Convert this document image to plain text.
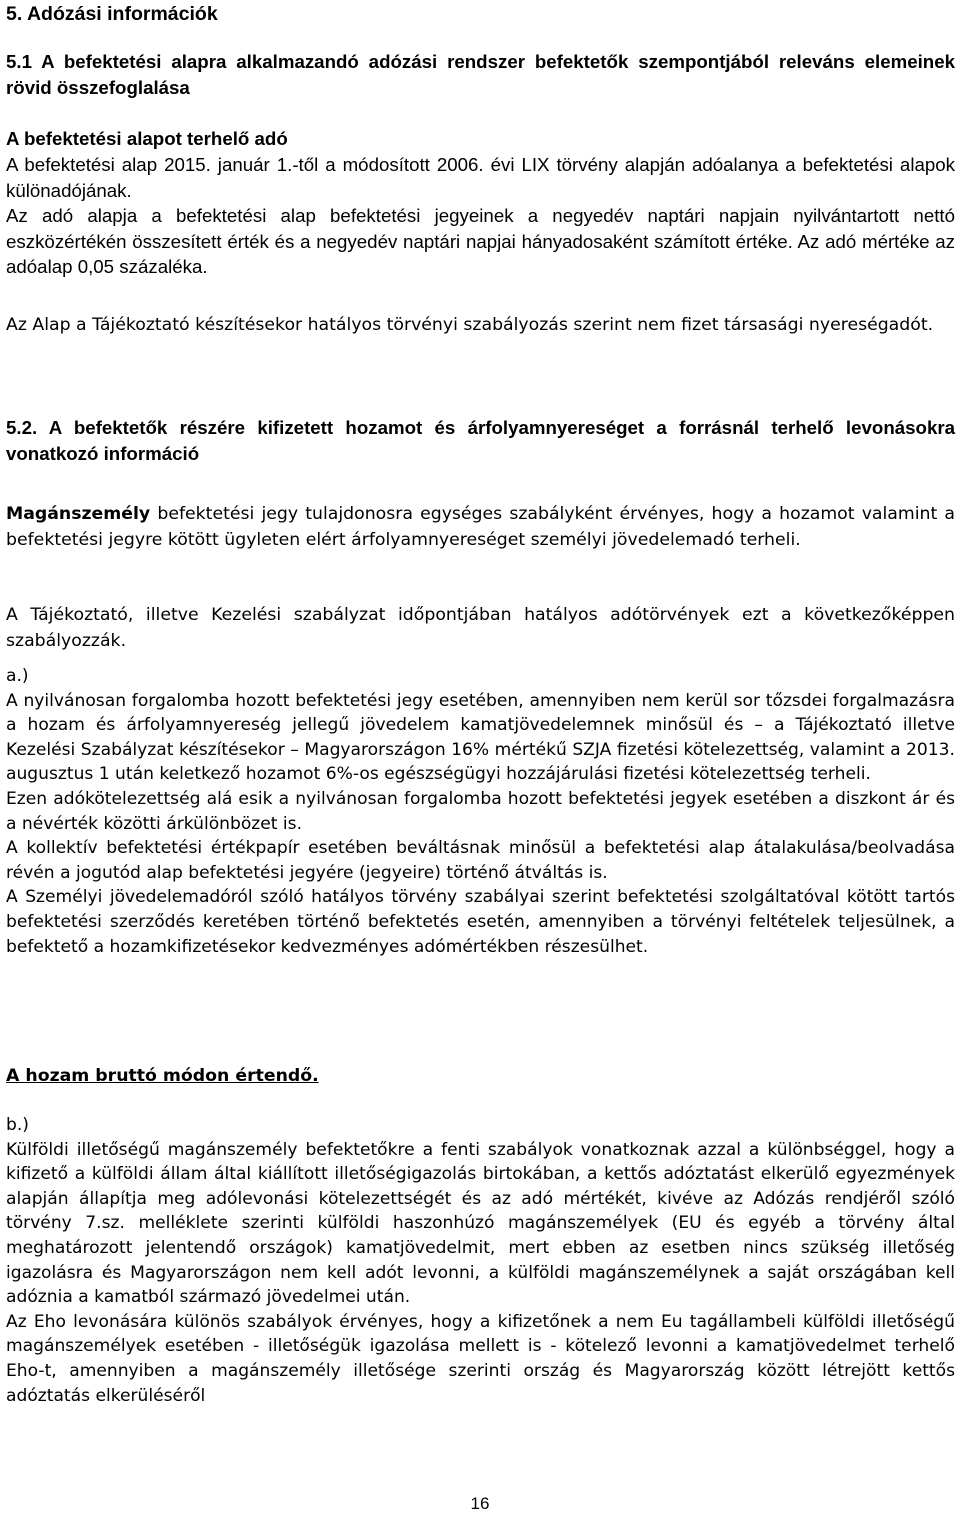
5. Adózási információk
5.1 A befektetési alapra alkalmazandó adózási rendszer befektetők szempontjából releváns elemeinek rövid összefoglalása
A befektetési alapot terhelő adó
A befektetési alap 2015. január 1.-től a módosított 2006. évi LIX törvény alapján adóalanya a befektetési alapok különadójának.
Az adó alapja a befektetési alap befektetési jegyeinek a negyedév naptári napjain nyilvántartott nettó eszközértékén összesített érték és a negyedév naptári napjai hányadosaként számított értéke. Az adó mértéke az adóalap 0,05 százaléka.
Az Alap a Tájékoztató készítésekor hatályos törvényi szabályozás szerint nem fizet társasági nyereségadót.
5.2. A befektetők részére kifizetett hozamot és árfolyamnyereséget a forrásnál terhelő levonásokra vonatkozó információ
Magánszemély befektetési jegy tulajdonosra egységes szabályként érvényes, hogy a hozamot valamint a befektetési jegyre kötött ügyleten elért árfolyamnyereséget személyi jövedelemadó terheli.
A Tájékoztató, illetve Kezelési szabályzat időpontjában hatályos adótörvények ezt a következőképpen szabályozzák.

a.)

A nyilvánosan forgalomba hozott befektetési jegy esetében, amennyiben nem kerül sor tőzsdei forgalmazásra a hozam és árfolyamnyereség jellegű jövedelem kamatjövedelemnek minősül és – a Tájékoztató illetve Kezelési Szabályzat készítésekor – Magyarországon 16% mértékű SZJA fizetési kötelezettség, valamint a 2013. augusztus 1 után keletkező hozamot 6%-os egészségügyi hozzájárulási fizetési kötelezettség terheli.

Ezen adókötelezettség alá esik a nyilvánosan forgalomba hozott befektetési jegyek esetében a diszkont ár és a névérték közötti árkülönbözet is.

A kollektív befektetési értékpapír esetében beváltásnak minősül a befektetési alap átalakulása/beolvadása révén a jogutód alap befektetési jegyére (jegyeire) történő átváltás is.

A Személyi jövedelemadóról szóló hatályos törvény szabályai szerint befektetési szolgáltatóval kötött tartós befektetési szerződés keretében történő befektetés esetén, amennyiben a törvényi feltételek teljesülnek, a befektető a hozamkifizetésekor kedvezményes adómértékben részesülhet.

A hozam bruttó módon értendő.

b.)

Külföldi illetőségű magánszemély befektetőkre a fenti szabályok vonatkoznak azzal a különbséggel, hogy a kifizető a külföldi állam által kiállított illetőségigazolás birtokában, a kettős adóztatást elkerülő egyezmények alapján állapítja meg adólevonási kötelezettségét és az adó mértékét, kivéve az Adózás rendjéről szóló törvény 7.sz. melléklete szerinti külföldi haszonhúzó magánszemélyek (EU és egyéb a törvény által meghatározott jelentendő országok) kamatjövedelmit, mert ebben az esetben nincs szükség illetőség igazolásra és Magyarországon nem kell adót levonni, a külföldi magánszemélynek a saját országában kell adóznia a kamatból származó jövedelmei után.

Az Eho levonására különös szabályok érvényes, hogy a kifizetőnek a nem Eu tagállambeli külföldi illetőségű magánszemélyek esetében - illetőségük igazolása mellett is - kötelező levonni a kamatjövedelmet terhelő Eho-t, amennyiben a magánszemély illetősége szerinti ország és Magyarország között létrejött kettős adóztatás elkerüléséről

16
